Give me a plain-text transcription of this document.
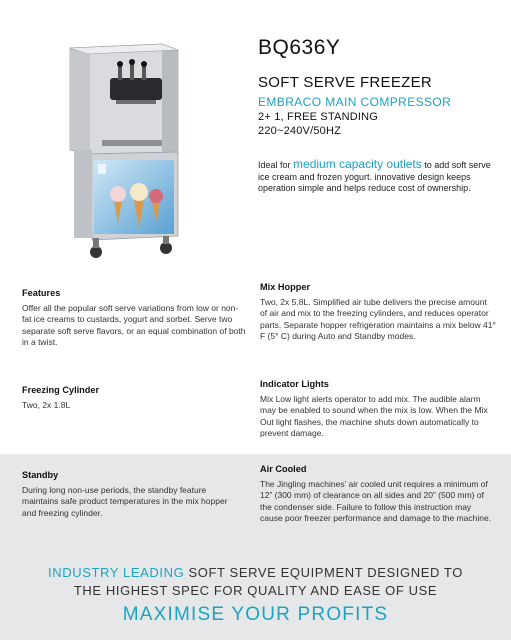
BQ636Y
SOFT SERVE FREEZER
EMBRACO MAIN COMPRESSOR
2+ 1, FREE STANDING
220~240V/50HZ
Ideal for medium capacity outlets to add soft serve ice cream and frozen yogurt. innovative design keeps operation simple and helps reduce cost of ownership.
Features
Offer all the popular soft serve variations from low or non- fat ice creams to custards, yogurt and sorbet. Serve two separate soft serve flavors, or an equal combination of both in a twist.
Mix Hopper
Two, 2x 5.8L. Simplified air tube delivers the precise amount of air and mix to the freezing cylinders, and reduces operator parts. Separate hopper refrigeration maintains a mix below 41° F (5° C) during Auto and Standby modes.
Freezing Cylinder
Two, 2x 1.8L
Indicator Lights
Mix Low light alerts operator to add mix. The audible alarm may be enabled to sound when the mix is low. When the Mix Out light flashes, the machine shuts down automatically to prevent damage.
Standby
During long non-use periods, the standby feature maintains safe product temperatures in the mix hopper and freezing cylinder.
Air Cooled
The Jingling machines’ air cooled unit requires a minimum of 12” (300 mm) of clearance on all sides and 20” (500 mm) of the condenser side. Failure to follow this instruction may cause poor freezer performance and damage to the machine.
INDUSTRY LEADING SOFT SERVE EQUIPMENT DESIGNED TO
THE HIGHEST SPEC FOR QUALITY AND EASE OF USE
MAXIMISE YOUR PROFITS
